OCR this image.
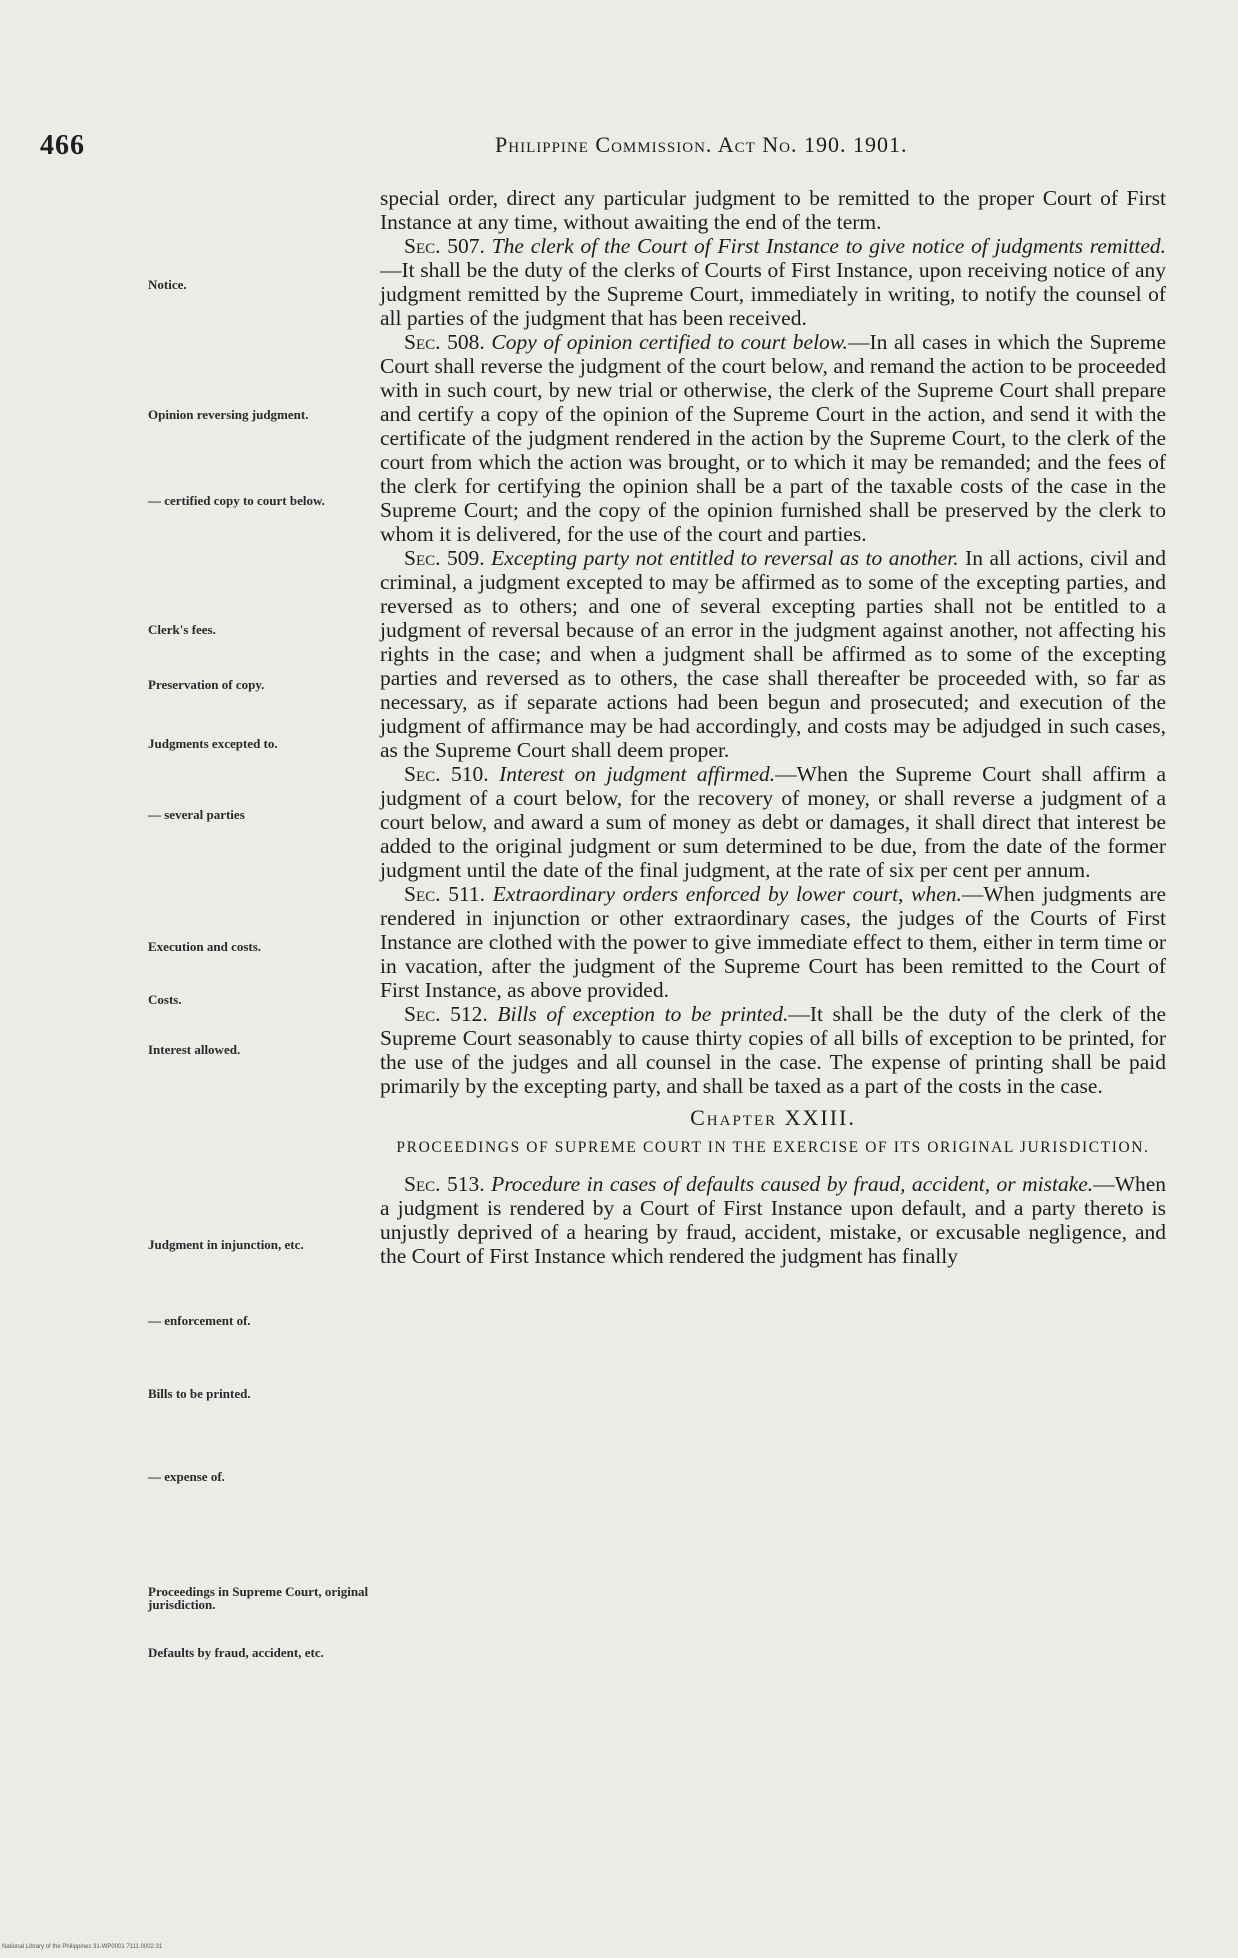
466	Philippine Commission. Act No. 190. 1901.
Notice.
Opinion reversing judgment.
— certified copy to court below.
Clerk's fees.
Preservation of copy.
Judgments excepted to.
— several parties
Execution and costs.
Costs.
Interest allowed.
Judgment in injunction, etc.
— enforcement of.
Bills to be printed.
— expense of.
Proceedings in Supreme Court, original jurisdiction.
Defaults by fraud, accident, etc.

special order, direct any particular judgment to be remitted to the proper Court of First Instance at any time, without awaiting the end of the term.

Sec. 507. The clerk of the Court of First Instance to give notice of judgments remitted.—It shall be the duty of the clerks of Courts of First Instance, upon receiving notice of any judgment remitted by the Supreme Court, immediately in writing, to notify the counsel of all parties of the judgment that has been received.

Sec. 508. Copy of opinion certified to court below.—In all cases in which the Supreme Court shall reverse the judgment of the court below, and remand the action to be proceeded with in such court, by new trial or otherwise, the clerk of the Supreme Court shall prepare and certify a copy of the opinion of the Supreme Court in the action, and send it with the certificate of the judgment rendered in the action by the Supreme Court, to the clerk of the court from which the action was brought, or to which it may be remanded; and the fees of the clerk for certifying the opinion shall be a part of the taxable costs of the case in the Supreme Court; and the copy of the opinion furnished shall be preserved by the clerk to whom it is delivered, for the use of the court and parties.

Sec. 509. Excepting party not entitled to reversal as to another. In all actions, civil and criminal, a judgment excepted to may be affirmed as to some of the excepting parties, and reversed as to others; and one of several excepting parties shall not be entitled to a judgment of reversal because of an error in the judgment against another, not affecting his rights in the case; and when a judgment shall be affirmed as to some of the excepting parties and reversed as to others, the case shall thereafter be proceeded with, so far as necessary, as if separate actions had been begun and prosecuted; and execution of the judgment of affirmance may be had accordingly, and costs may be adjudged in such cases, as the Supreme Court shall deem proper.

Sec. 510. Interest on judgment affirmed.—When the Supreme Court shall affirm a judgment of a court below, for the recovery of money, or shall reverse a judgment of a court below, and award a sum of money as debt or damages, it shall direct that interest be added to the original judgment or sum determined to be due, from the date of the former judgment until the date of the final judgment, at the rate of six per cent per annum.

Sec. 511. Extraordinary orders enforced by lower court, when.—When judgments are rendered in injunction or other extraordinary cases, the judges of the Courts of First Instance are clothed with the power to give immediate effect to them, either in term time or in vacation, after the judgment of the Supreme Court has been remitted to the Court of First Instance, as above provided.

Sec. 512. Bills of exception to be printed.—It shall be the duty of the clerk of the Supreme Court seasonably to cause thirty copies of all bills of exception to be printed, for the use of the judges and all counsel in the case. The expense of printing shall be paid primarily by the excepting party, and shall be taxed as a part of the costs in the case.

Chapter XXIII.
PROCEEDINGS OF SUPREME COURT IN THE EXERCISE OF ITS ORIGINAL JURISDICTION.

Sec. 513. Procedure in cases of defaults caused by fraud, accident, or mistake.—When a judgment is rendered by a Court of First Instance upon default, and a party thereto is unjustly deprived of a hearing by fraud, accident, mistake, or excusable negligence, and the Court of First Instance which rendered the judgment has finally

National Library of the Philippines 31-WP0001 7111 0002.31
